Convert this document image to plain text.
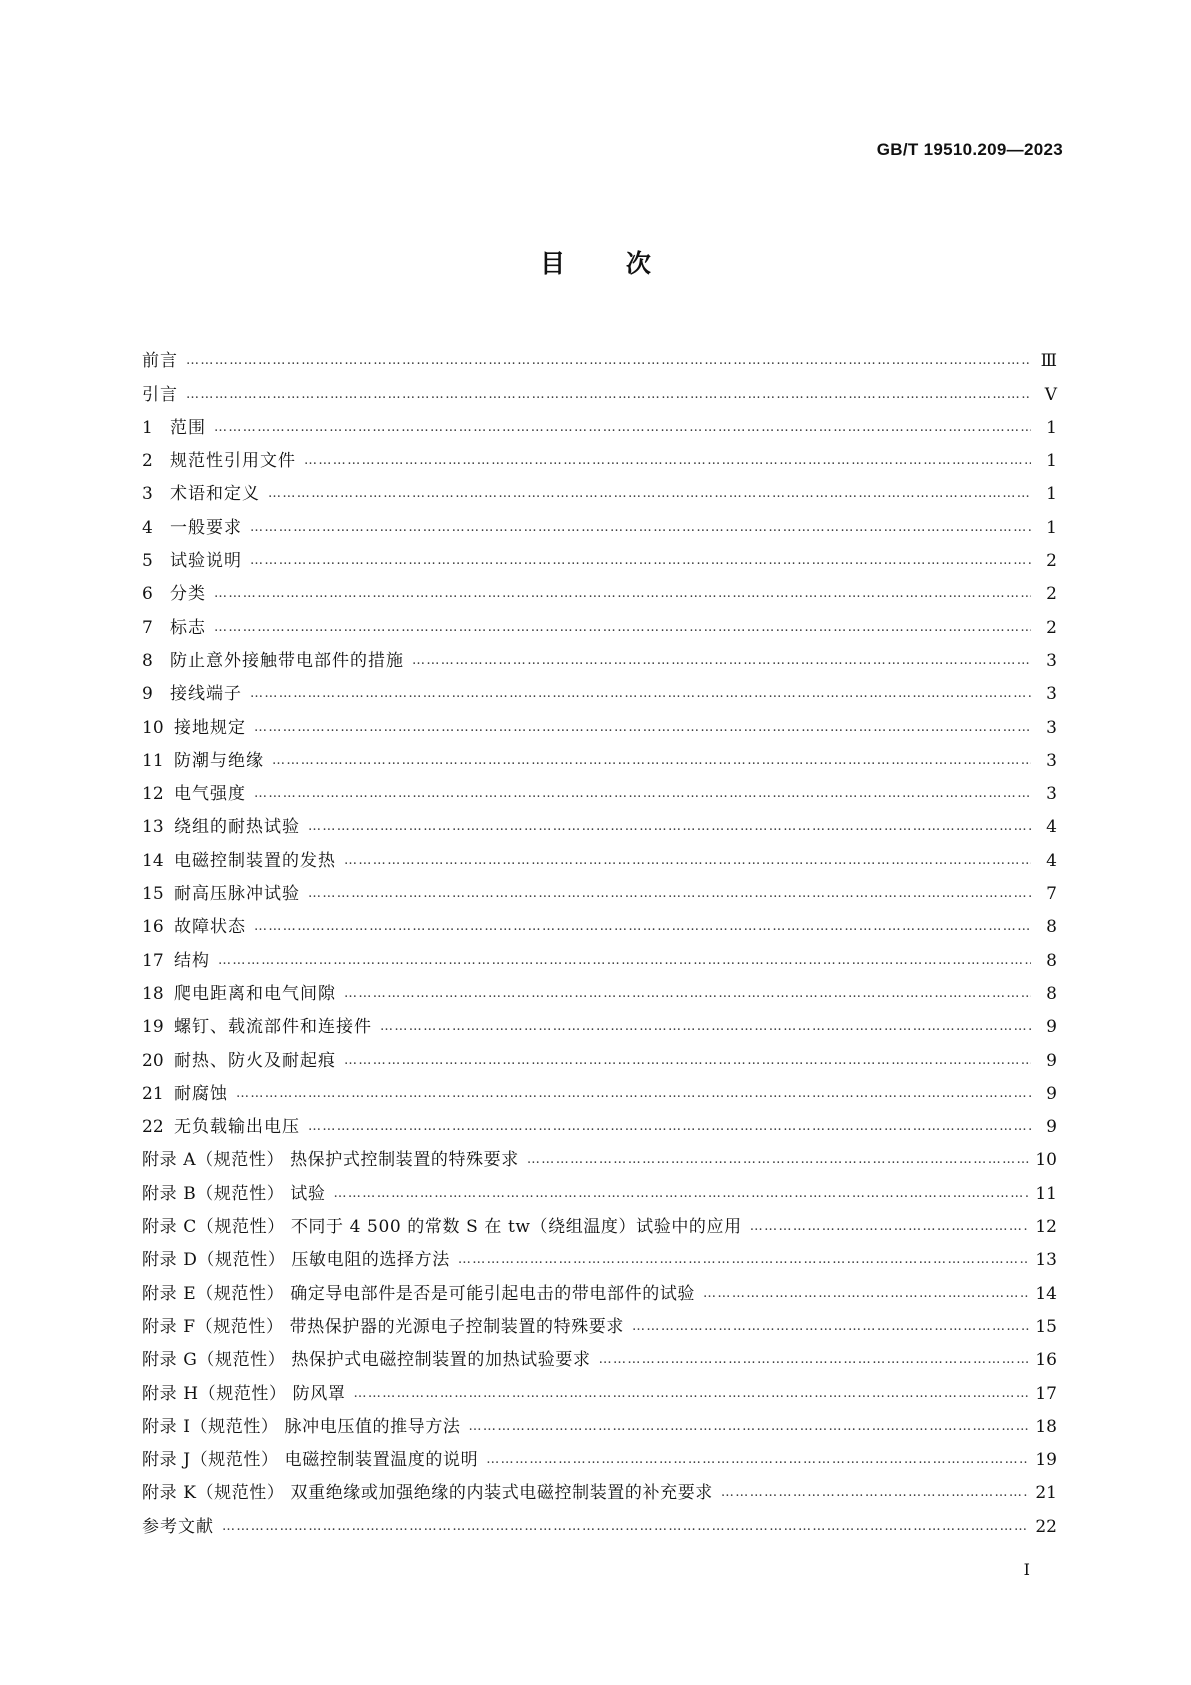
GB/T 19510.209—2023
目 次
前言 …………………………………………………………………………………………………………………………………………………………………………………………………………………………………………	Ⅲ
引言 …………………………………………………………………………………………………………………………………………………………………………………………………………………………………………	Ⅴ
1	范围 …………………………………………………………………………………………………………………………………………………………………………………………………………………………………………	1
2	规范性引用文件 …………………………………………………………………………………………………………………………………………………………………………………………………………………………………………	1
3	术语和定义 …………………………………………………………………………………………………………………………………………………………………………………………………………………………………………	1
4	一般要求 …………………………………………………………………………………………………………………………………………………………………………………………………………………………………………	1
5	试验说明 …………………………………………………………………………………………………………………………………………………………………………………………………………………………………………	2
6	分类 …………………………………………………………………………………………………………………………………………………………………………………………………………………………………………	2
7	标志 …………………………………………………………………………………………………………………………………………………………………………………………………………………………………………	2
8	防止意外接触带电部件的措施 …………………………………………………………………………………………………………………………………………………………………………………………………………………………………………	3
9	接线端子 …………………………………………………………………………………………………………………………………………………………………………………………………………………………………………	3
10 接地规定 …………………………………………………………………………………………………………………………………………………………………………………………………………………………………………	3
11 防潮与绝缘 …………………………………………………………………………………………………………………………………………………………………………………………………………………………………………	3
12 电气强度 …………………………………………………………………………………………………………………………………………………………………………………………………………………………………………	3
13 绕组的耐热试验 …………………………………………………………………………………………………………………………………………………………………………………………………………………………………………	4
14 电磁控制装置的发热 …………………………………………………………………………………………………………………………………………………………………………………………………………………………………………	4
15 耐高压脉冲试验 …………………………………………………………………………………………………………………………………………………………………………………………………………………………………………	7
16 故障状态 …………………………………………………………………………………………………………………………………………………………………………………………………………………………………………	8
17 结构 …………………………………………………………………………………………………………………………………………………………………………………………………………………………………………	8
18 爬电距离和电气间隙 …………………………………………………………………………………………………………………………………………………………………………………………………………………………………………	8
19 螺钉、载流部件和连接件 …………………………………………………………………………………………………………………………………………………………………………………………………………………………………………	9
20 耐热、防火及耐起痕 …………………………………………………………………………………………………………………………………………………………………………………………………………………………………………	9
21 耐腐蚀 …………………………………………………………………………………………………………………………………………………………………………………………………………………………………………	9
22 无负载输出电压 …………………………………………………………………………………………………………………………………………………………………………………………………………………………………………	9
附录 A（规范性） 热保护式控制装置的特殊要求 …………………………………………………………………………………………………………………………………………………………………………………………………………………………………………	10
附录 B（规范性） 试验 …………………………………………………………………………………………………………………………………………………………………………………………………………………………………………	11
附录 C（规范性） 不同于 4 500 的常数 S 在 tw（绕组温度）试验中的应用 …………………………………………………………………………………………………………………………………………………………………………………………………………………………………………	12
附录 D（规范性） 压敏电阻的选择方法 …………………………………………………………………………………………………………………………………………………………………………………………………………………………………………	13
附录 E（规范性） 确定导电部件是否是可能引起电击的带电部件的试验 …………………………………………………………………………………………………………………………………………………………………………………………………………………………………………	14
附录 F（规范性） 带热保护器的光源电子控制装置的特殊要求 …………………………………………………………………………………………………………………………………………………………………………………………………………………………………………	15
附录 G（规范性） 热保护式电磁控制装置的加热试验要求 …………………………………………………………………………………………………………………………………………………………………………………………………………………………………………	16
附录 H（规范性） 防风罩 …………………………………………………………………………………………………………………………………………………………………………………………………………………………………………	17
附录 I（规范性） 脉冲电压值的推导方法 …………………………………………………………………………………………………………………………………………………………………………………………………………………………………………	18
附录 J（规范性） 电磁控制装置温度的说明 …………………………………………………………………………………………………………………………………………………………………………………………………………………………………………	19
附录 K（规范性） 双重绝缘或加强绝缘的内装式电磁控制装置的补充要求 …………………………………………………………………………………………………………………………………………………………………………………………………………………………………………	21
参考文献 …………………………………………………………………………………………………………………………………………………………………………………………………………………………………………	22
Ⅰ
